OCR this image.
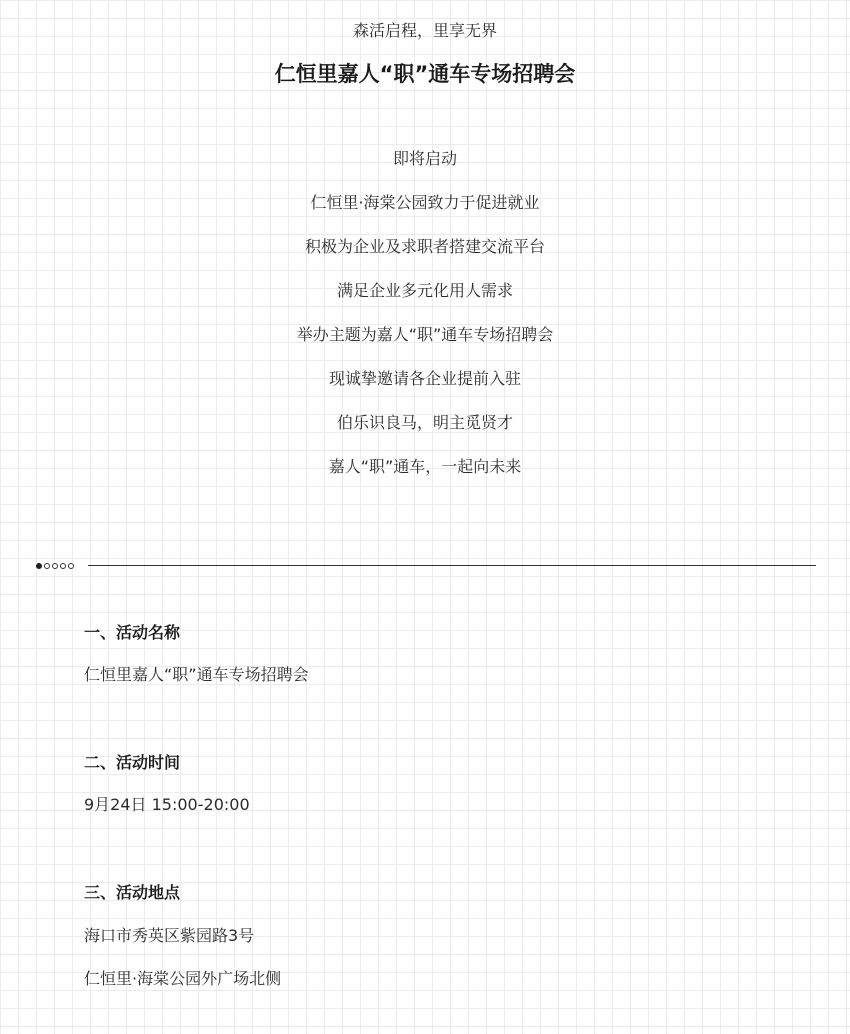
森活启程，里享无界
仁恒里嘉人“职”通车专场招聘会
即将启动
仁恒里·海棠公园致力于促进就业
积极为企业及求职者搭建交流平台
满足企业多元化用人需求
举办主题为嘉人“职”通车专场招聘会
现诚挚邀请各企业提前入驻
伯乐识良马，明主觅贤才
嘉人“职”通车，一起向未来
一、活动名称
仁恒里嘉人“职”通车专场招聘会
二、活动时间
9月24日 15:00-20:00
三、活动地点
海口市秀英区紫园路3号
仁恒里·海棠公园外广场北侧
